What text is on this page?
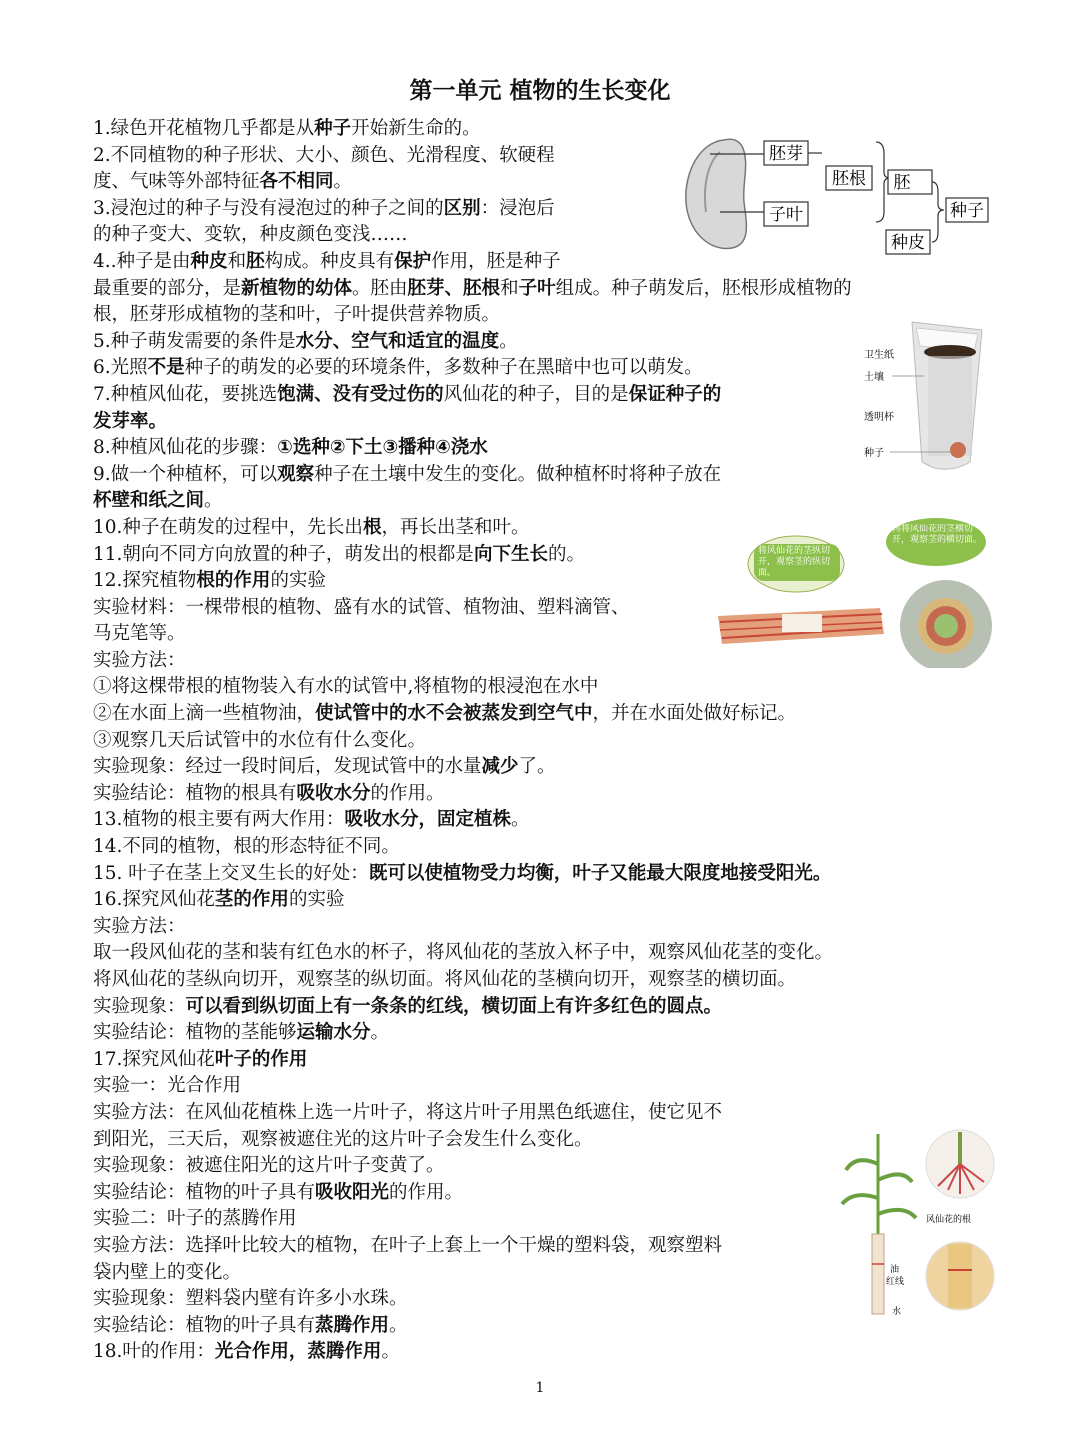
第一单元 植物的生长变化
1.绿色开花植物几乎都是从种子开始新生命的。
2.不同植物的种子形状、大小、颜色、光滑程度、软硬程
度、气味等外部特征各不相同。
3.浸泡过的种子与没有浸泡过的种子之间的区别：浸泡后
的种子变大、变软，种皮颜色变浅……
4..种子是由种皮和胚构成。种皮具有保护作用，胚是种子
最重要的部分，是新植物的幼体。胚由胚芽、胚根和子叶组成。种子萌发后，胚根形成植物的
根，胚芽形成植物的茎和叶，子叶提供营养物质。
5.种子萌发需要的条件是水分、空气和适宜的温度。
6.光照不是种子的萌发的必要的环境条件，多数种子在黑暗中也可以萌发。
7.种植风仙花，要挑选饱满、没有受过伤的风仙花的种子，目的是保证种子的
发芽率。
8.种植风仙花的步骤：①选种②下土③播种④浇水
9.做一个种植杯，可以观察种子在土壤中发生的变化。做种植杯时将种子放在
杯壁和纸之间。
10.种子在萌发的过程中，先长出根，再长出茎和叶。
11.朝向不同方向放置的种子，萌发出的根都是向下生长的。
12.探究植物根的作用的实验
实验材料：一棵带根的植物、盛有水的试管、植物油、塑料滴管、
马克笔等。
实验方法：
①将这棵带根的植物装入有水的试管中,将植物的根浸泡在水中
②在水面上滴一些植物油，使试管中的水不会被蒸发到空气中，并在水面处做好标记。
③观察几天后试管中的水位有什么变化。
实验现象：经过一段时间后，发现试管中的水量减少了。
实验结论：植物的根具有吸收水分的作用。
13.植物的根主要有两大作用：吸收水分，固定植株。
14.不同的植物，根的形态特征不同。
15. 叶子在茎上交叉生长的好处：既可以使植物受力均衡，叶子又能最大限度地接受阳光。
16.探究风仙花茎的作用的实验
实验方法：
取一段风仙花的茎和装有红色水的杯子，将风仙花的茎放入杯子中，观察风仙花茎的变化。
将风仙花的茎纵向切开，观察茎的纵切面。将风仙花的茎横向切开，观察茎的横切面。
实验现象：可以看到纵切面上有一条条的红线，横切面上有许多红色的圆点。
实验结论：植物的茎能够运输水分。
17.探究风仙花叶子的作用
实验一：光合作用
实验方法：在风仙花植株上选一片叶子，将这片叶子用黑色纸遮住，使它见不
到阳光，三天后，观察被遮住光的这片叶子会发生什么变化。
实验现象：被遮住阳光的这片叶子变黄了。
实验结论：植物的叶子具有吸收阳光的作用。
实验二：叶子的蒸腾作用
实验方法：选择叶比较大的植物，在叶子上套上一个干燥的塑料袋，观察塑料
袋内壁上的变化。
实验现象：塑料袋内壁有许多小水珠。
实验结论：植物的叶子具有蒸腾作用。
18.叶的作用：光合作用，蒸腾作用。
胚芽
子叶
胚根 胚
种皮
种子
卫生纸
土壤
透明杯
种子
将风仙花的茎纵切开，观察茎的纵切面。
再将风仙花的茎横切开，观察茎的横切面。
风仙花的根
油
红线
水
1
